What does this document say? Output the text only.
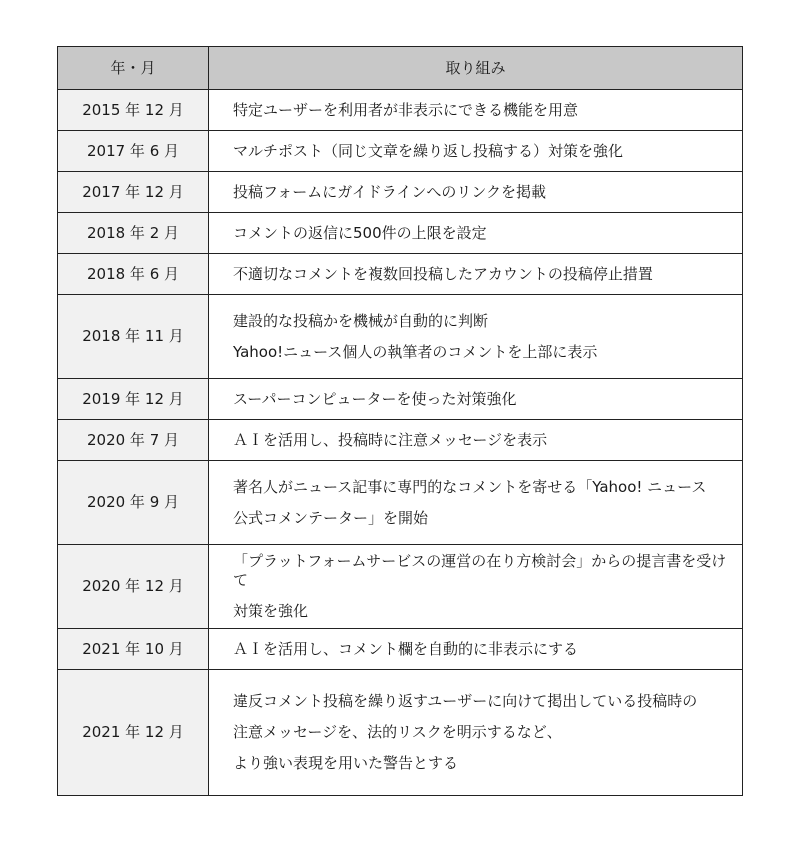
年・月	取り組み
2015 年 12 月	特定ユーザーを利用者が非表示にできる機能を用意

2017 年 6 月	マルチポスト（同じ文章を繰り返し投稿する）対策を強化

2017 年 12 月	投稿フォームにガイドラインへのリンクを掲載

2018 年 2 月	コメントの返信に500件の上限を設定

2018 年 6 月	不適切なコメントを複数回投稿したアカウントの投稿停止措置

2018 年 11 月	建設的な投稿かを機械が自動的に判断
Yahoo!ニュース個人の執筆者のコメントを上部に表示

2019 年 12 月	スーパーコンピューターを使った対策強化

2020 年 7 月	ＡＩを活用し、投稿時に注意メッセージを表示

2020 年 9 月	著名人がニュース記事に専門的なコメントを寄せる「Yahoo! ニュース
公式コメンテーター」を開始

2020 年 12 月	「プラットフォームサービスの運営の在り方検討会」からの提言書を受けて
対策を強化

2021 年 10 月	ＡＩを活用し、コメント欄を自動的に非表示にする

2021 年 12 月	違反コメント投稿を繰り返すユーザーに向けて掲出している投稿時の
注意メッセージを、法的リスクを明示するなど、
より強い表現を用いた警告とする
